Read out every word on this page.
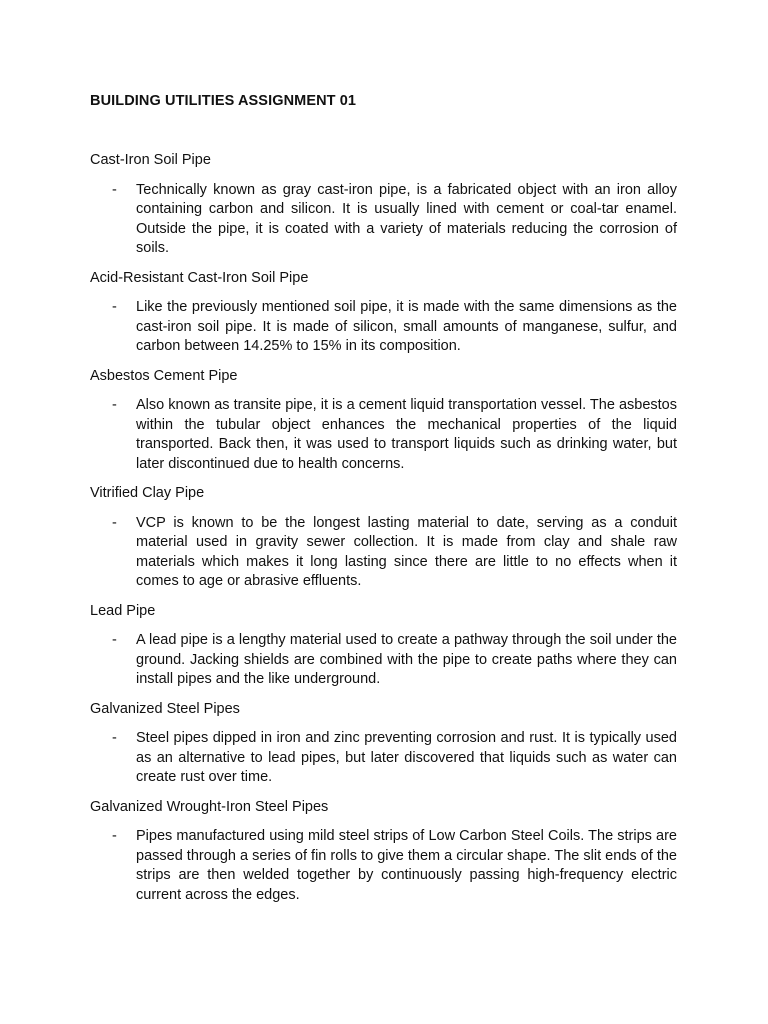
BUILDING UTILITIES ASSIGNMENT 01

Cast-Iron Soil Pipe

- Technically known as gray cast-iron pipe, is a fabricated object with an iron alloy containing carbon and silicon. It is usually lined with cement or coal-tar enamel. Outside the pipe, it is coated with a variety of materials reducing the corrosion of soils.

Acid-Resistant Cast-Iron Soil Pipe

- Like the previously mentioned soil pipe, it is made with the same dimensions as the cast-iron soil pipe. It is made of silicon, small amounts of manganese, sulfur, and carbon between 14.25% to 15% in its composition.

Asbestos Cement Pipe

- Also known as transite pipe, it is a cement liquid transportation vessel. The asbestos within the tubular object enhances the mechanical properties of the liquid transported. Back then, it was used to transport liquids such as drinking water, but later discontinued due to health concerns.

Vitrified Clay Pipe

- VCP is known to be the longest lasting material to date, serving as a conduit material used in gravity sewer collection. It is made from clay and shale raw materials which makes it long lasting since there are little to no effects when it comes to age or abrasive effluents.

Lead Pipe

- A lead pipe is a lengthy material used to create a pathway through the soil under the ground. Jacking shields are combined with the pipe to create paths where they can install pipes and the like underground.

Galvanized Steel Pipes

- Steel pipes dipped in iron and zinc preventing corrosion and rust. It is typically used as an alternative to lead pipes, but later discovered that liquids such as water can create rust over time.

Galvanized Wrought-Iron Steel Pipes

- Pipes manufactured using mild steel strips of Low Carbon Steel Coils. The strips are passed through a series of fin rolls to give them a circular shape. The slit ends of the strips are then welded together by continuously passing high-frequency electric current across the edges.
